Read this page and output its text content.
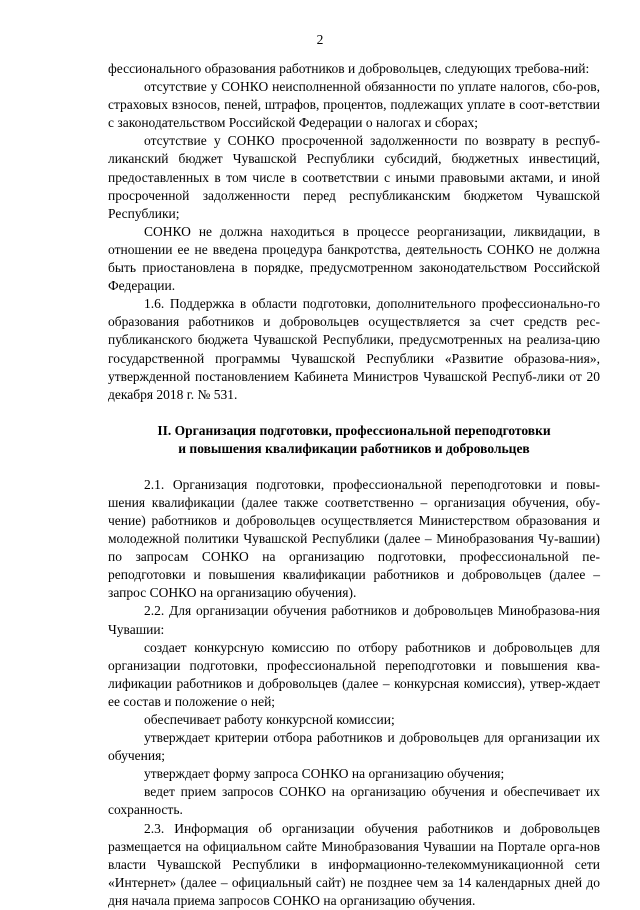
2

фессионального образования работников и добровольцев, следующих требова-ний:

отсутствие у СОНКО неисполненной обязанности по уплате налогов, сбо-ров, страховых взносов, пеней, штрафов, процентов, подлежащих уплате в соот-ветствии с законодательством Российской Федерации о налогах и сборах;

отсутствие у СОНКО просроченной задолженности по возврату в респуб-ликанский бюджет Чувашской Республики субсидий, бюджетных инвестиций, предоставленных в том числе в соответствии с иными правовыми актами, и иной просроченной задолженности перед республиканским бюджетом Чувашской Республики;

СОНКО не должна находиться в процессе реорганизации, ликвидации, в отношении ее не введена процедура банкротства, деятельность СОНКО не должна быть приостановлена в порядке, предусмотренном законодательством Российской Федерации.

1.6. Поддержка в области подготовки, дополнительного профессионально-го образования работников и добровольцев осуществляется за счет средств рес-публиканского бюджета Чувашской Республики, предусмотренных на реализа-цию государственной программы Чувашской Республики «Развитие образова-ния», утвержденной постановлением Кабинета Министров Чувашской Респуб-лики от 20 декабря 2018 г. № 531.

II. Организация подготовки, профессиональной переподготовки
и повышения квалификации работников и добровольцев

2.1. Организация подготовки, профессиональной переподготовки и повы-шения квалификации (далее также соответственно – организация обучения, обу-чение) работников и добровольцев осуществляется Министерством образования и молодежной политики Чувашской Республики (далее – Минобразования Чу-вашии) по запросам СОНКО на организацию подготовки, профессиональной пе-реподготовки и повышения квалификации работников и добровольцев (далее – запрос СОНКО на организацию обучения).

2.2. Для организации обучения работников и добровольцев Минобразова-ния Чувашии:

создает конкурсную комиссию по отбору работников и добровольцев для организации подготовки, профессиональной переподготовки и повышения ква-лификации работников и добровольцев (далее – конкурсная комиссия), утвер-ждает ее состав и положение о ней;

обеспечивает работу конкурсной комиссии;

утверждает критерии отбора работников и добровольцев для организации их обучения;

утверждает форму запроса СОНКО на организацию обучения;

ведет прием запросов СОНКО на организацию обучения и обеспечивает их сохранность.

2.3. Информация об организации обучения работников и добровольцев размещается на официальном сайте Минобразования Чувашии на Портале орга-нов власти Чувашской Республики в информационно-телекоммуникационной сети «Интернет» (далее – официальный сайт) не позднее чем за 14 календарных дней до дня начала приема запросов СОНКО на организацию обучения.
